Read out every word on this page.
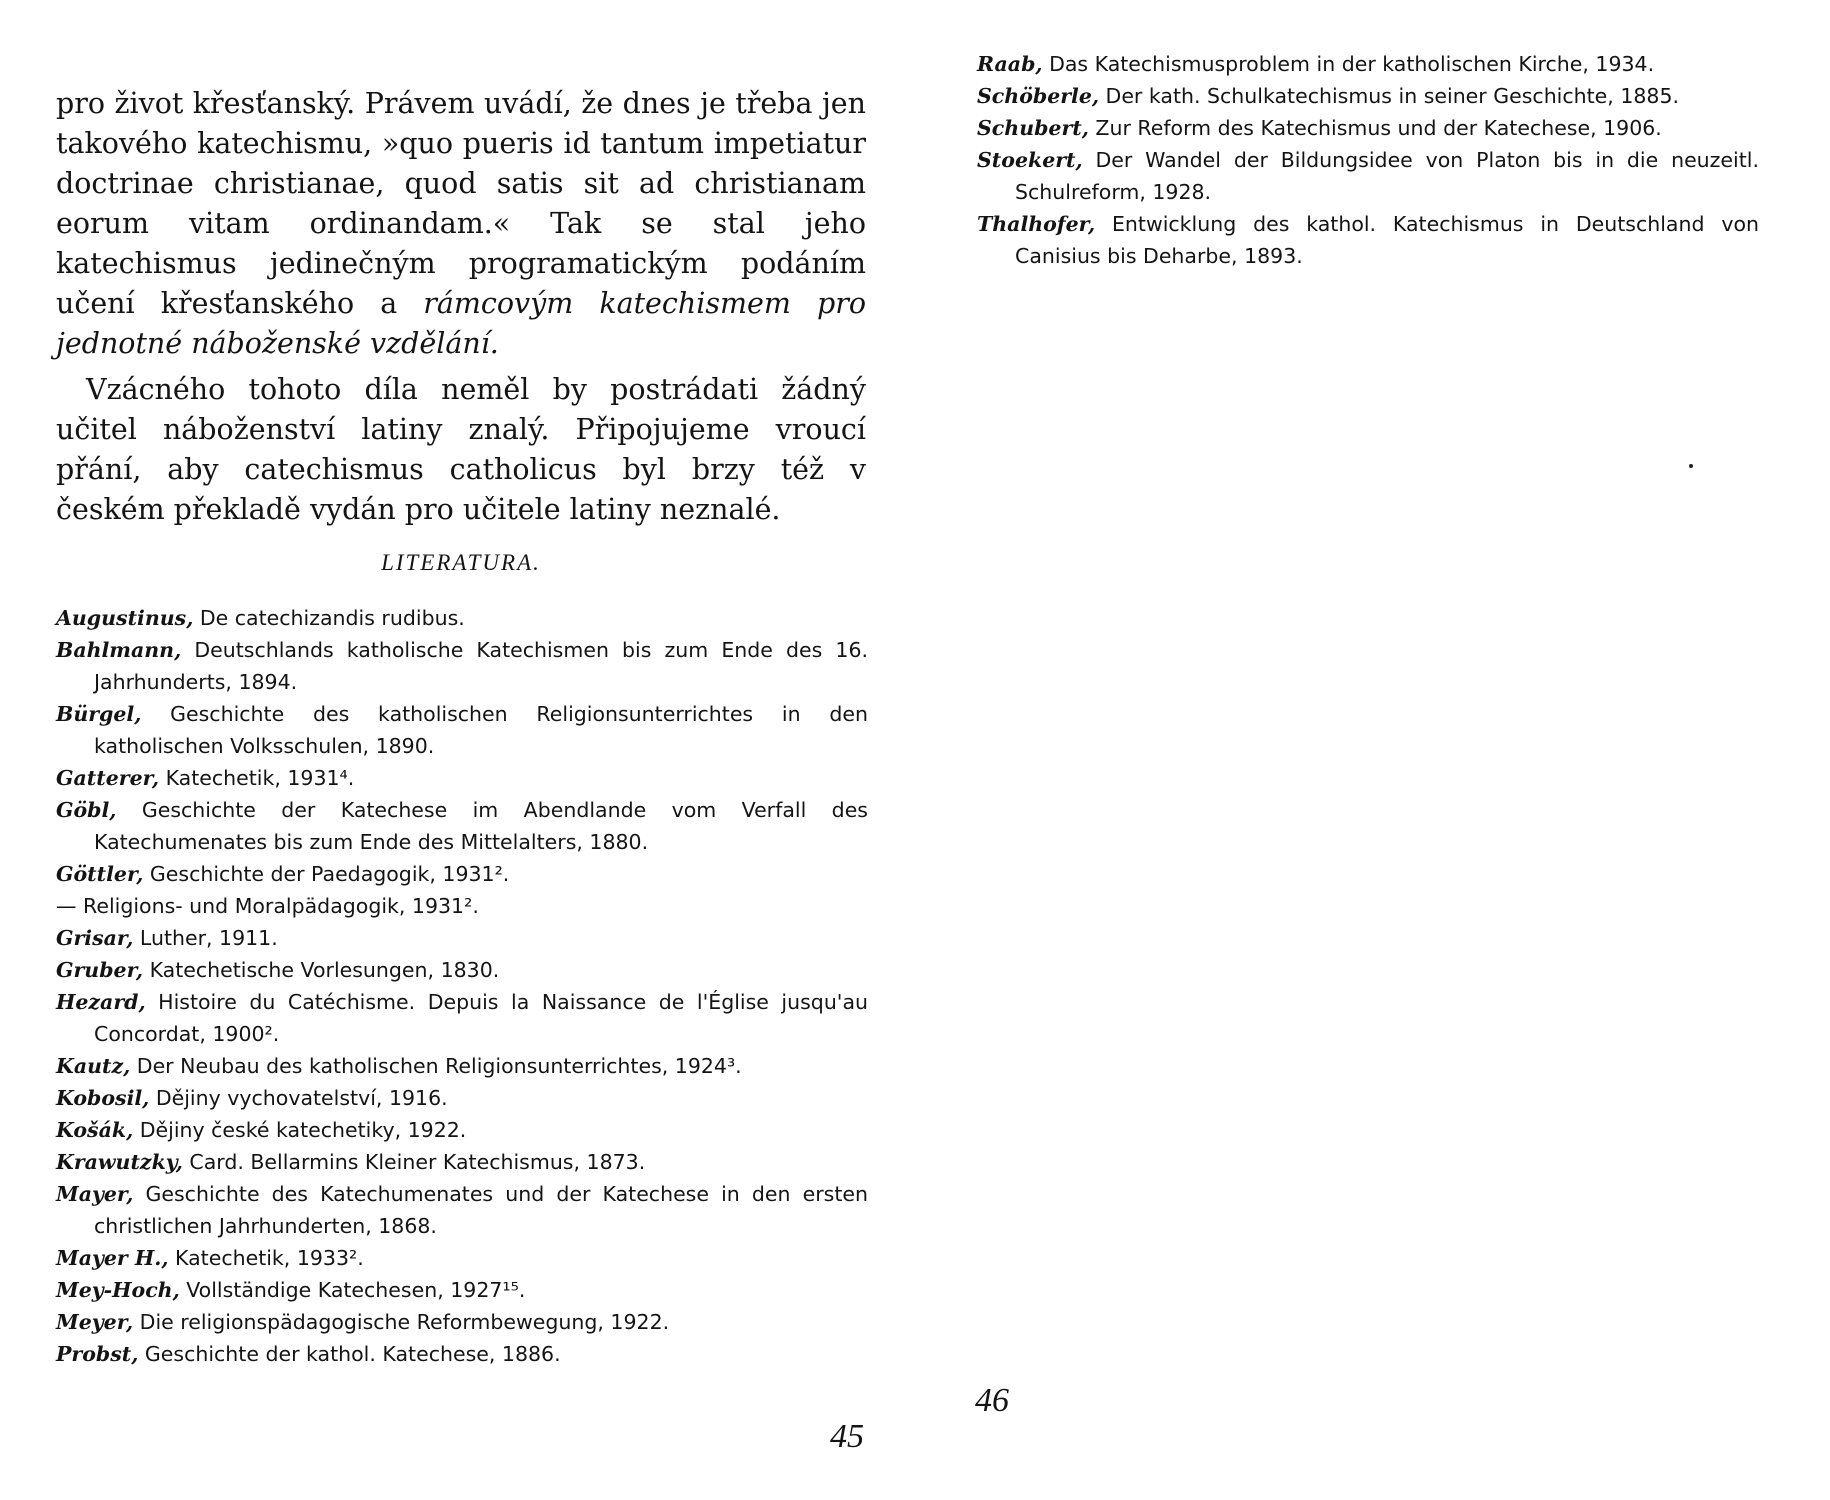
pro život křesťanský. Právem uvádí, že dnes je třeba jen takového katechismu, »quo pueris id tantum impetiatur doctrinae christianae, quod satis sit ad christianam eorum vitam ordinandam.« Tak se stal jeho katechismus jedinečným programatickým podáním učení křesťanského a rámcovým katechismem pro jednotné náboženské vzdělání.

Vzácného tohoto díla neměl by postrádati žádný učitel náboženství latiny znalý. Připojujeme vroucí přání, aby catechismus catholicus byl brzy též v českém překladě vydán pro učitele latiny neznalé.

LITERATURA.
Augustinus, De catechizandis rudibus.
Bahlmann, Deutschlands katholische Katechismen bis zum Ende des 16. Jahrhunderts, 1894.
Bürgel, Geschichte des katholischen Religionsunterrichtes in den katholischen Volksschulen, 1890.
Gatterer, Katechetik, 1931⁴.
Göbl, Geschichte der Katechese im Abendlande vom Verfall des Katechumenates bis zum Ende des Mittelalters, 1880.
Göttler, Geschichte der Paedagogik, 1931².
— Religions- und Moralpädagogik, 1931².
Grisar, Luther, 1911.
Gruber, Katechetische Vorlesungen, 1830.
Hezard, Histoire du Catéchisme. Depuis la Naissance de l'Église jusqu'au Concordat, 1900².
Kautz, Der Neubau des katholischen Religionsunterrichtes, 1924³.
Kobosil, Dějiny vychovatelství, 1916.
Košák, Dějiny české katechetiky, 1922.
Krawutzky, Card. Bellarmins Kleiner Katechismus, 1873.
Mayer, Geschichte des Katechumenates und der Katechese in den ersten christlichen Jahrhunderten, 1868.
Mayer H., Katechetik, 1933².
Mey-Hoch, Vollständige Katechesen, 1927¹⁵.
Meyer, Die religionspädagogische Reformbewegung, 1922.
Probst, Geschichte der kathol. Katechese, 1886.
45
Raab, Das Katechismusproblem in der katholischen Kirche, 1934.
Schöberle, Der kath. Schulkatechismus in seiner Geschichte, 1885.
Schubert, Zur Reform des Katechismus und der Katechese, 1906.
Stoekert, Der Wandel der Bildungsidee von Platon bis in die neuzeitl. Schulreform, 1928.
Thalhofer, Entwicklung des kathol. Katechismus in Deutschland von Canisius bis Deharbe, 1893.
46
